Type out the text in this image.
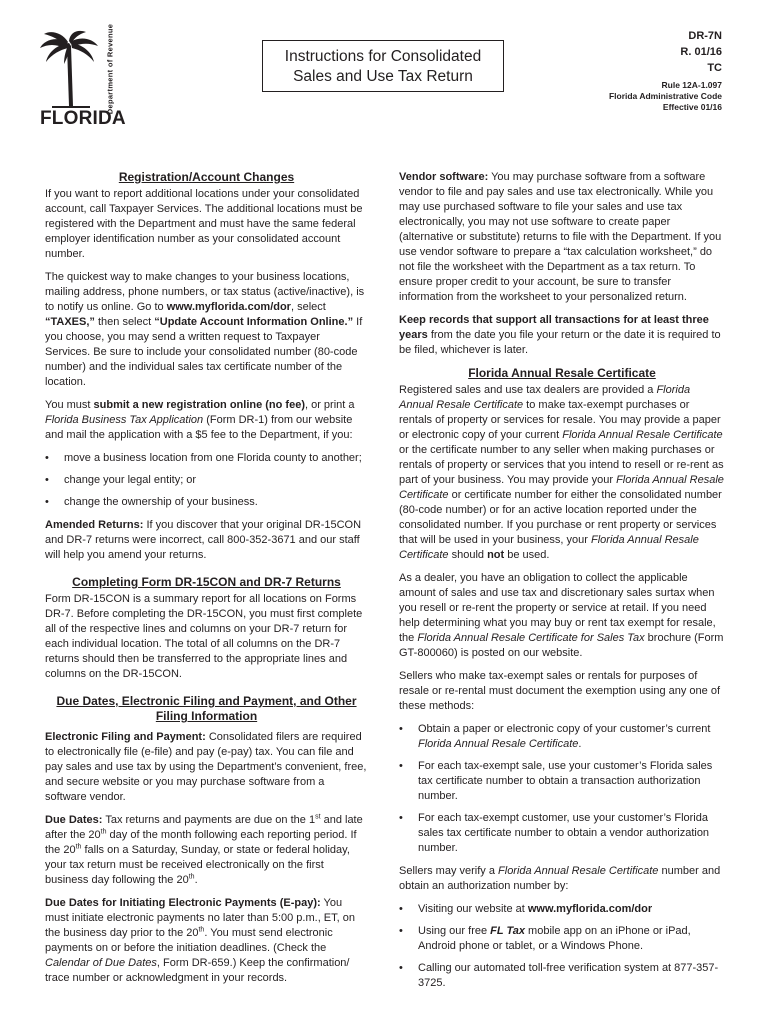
Department of Revenue
FLORIDA
Instructions for Consolidated
Sales and Use Tax Return
DR-7N
R. 01/16
TC
Rule 12A-1.097
Florida Administrative Code
Effective 01/16
Registration/Account Changes

If you want to report additional locations under your consolidated account, call Taxpayer Services. The additional locations must be registered with the Department and must have the same federal employer identification number as your consolidated account number.

The quickest way to make changes to your business locations, mailing address, phone numbers, or tax status (active/inactive), is to notify us online. Go to www.myflorida.com/dor, select “TAXES,” then select “Update Account Information Online.” If you choose, you may send a written request to Taxpayer Services. Be sure to include your consolidated number (80-code number) and the individual sales tax certificate number of the location.

You must submit a new registration online (no fee), or print a Florida Business Tax Application (Form DR-1) from our website and mail the application with a $5 fee to the Department, if you:

• move a business location from one Florida county to another;
• change your legal entity; or
• change the ownership of your business.

Amended Returns: If you discover that your original DR-15CON and DR-7 returns were incorrect, call 800-352-3671 and our staff will help you amend your returns.

Completing Form DR-15CON and DR-7 Returns

Form DR-15CON is a summary report for all locations on Forms DR-7. Before completing the DR-15CON, you must first complete all of the respective lines and columns on your DR-7 return for each individual location. The total of all columns on the DR-7 returns should then be transferred to the appropriate lines and columns on the DR-15CON.

Due Dates, Electronic Filing and Payment, and Other
Filing Information

Electronic Filing and Payment: Consolidated filers are required to electronically file (e-file) and pay (e-pay) tax. You can file and pay sales and use tax by using the Department’s convenient, free, and secure website or you may purchase software from a software vendor.

Due Dates: Tax returns and payments are due on the 1st and late after the 20th day of the month following each reporting period. If the 20th falls on a Saturday, Sunday, or state or federal holiday, your tax return must be received electronically on the first business day following the 20th.

Due Dates for Initiating Electronic Payments (E-pay): You must initiate electronic payments no later than 5:00 p.m., ET, on the business day prior to the 20th. You must send electronic payments on or before the initiation deadlines. (Check the Calendar of Due Dates, Form DR-659.) Keep the confirmation/ trace number or acknowledgment in your records.

Vendor software: You may purchase software from a software vendor to file and pay sales and use tax electronically. While you may use purchased software to file your sales and use tax electronically, you may not use software to create paper (alternative or substitute) returns to file with the Department. If you use vendor software to prepare a “tax calculation worksheet,” do not file the worksheet with the Department as a tax return. To ensure proper credit to your account, be sure to transfer information from the worksheet to your personalized return.

Keep records that support all transactions for at least three years from the date you file your return or the date it is required to be filed, whichever is later.

Florida Annual Resale Certificate

Registered sales and use tax dealers are provided a Florida Annual Resale Certificate to make tax-exempt purchases or rentals of property or services for resale. You may provide a paper or electronic copy of your current Florida Annual Resale Certificate or the certificate number to any seller when making purchases or rentals of property or services that you intend to resell or re-rent as part of your business. You may provide your Florida Annual Resale Certificate or certificate number for either the consolidated number (80-code number) or for an active location reported under the consolidated number. If you purchase or rent property or services that will be used in your business, your Florida Annual Resale Certificate should not be used.

As a dealer, you have an obligation to collect the applicable amount of sales and use tax and discretionary sales surtax when you resell or re-rent the property or service at retail. If you need help determining what you may buy or rent tax exempt for resale, the Florida Annual Resale Certificate for Sales Tax brochure (Form GT-800060) is posted on our website.

Sellers who make tax-exempt sales or rentals for purposes of resale or re-rental must document the exemption using any one of these methods:

• Obtain a paper or electronic copy of your customer’s current Florida Annual Resale Certificate.
• For each tax-exempt sale, use your customer’s Florida sales tax certificate number to obtain a transaction authorization number.
• For each tax-exempt customer, use your customer’s Florida sales tax certificate number to obtain a vendor authorization number.

Sellers may verify a Florida Annual Resale Certificate number and obtain an authorization number by:

• Visiting our website at www.myflorida.com/dor
• Using our free FL Tax mobile app on an iPhone or iPad, Android phone or tablet, or a Windows Phone.
• Calling our automated toll-free verification system at 877-357-3725.
